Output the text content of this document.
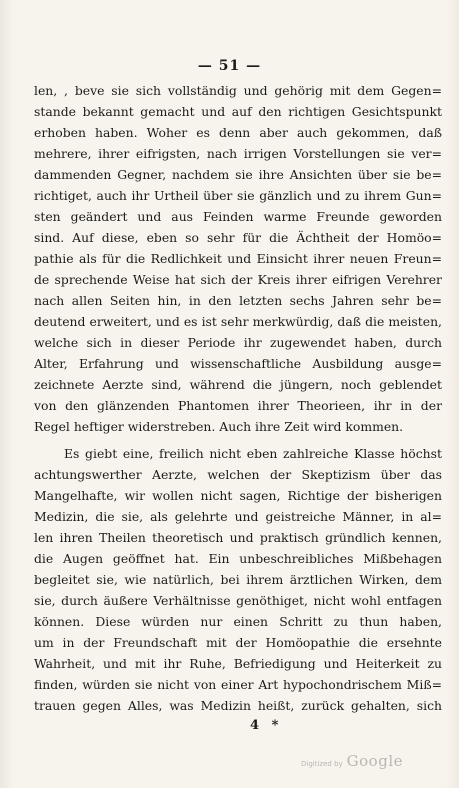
— 51 —
len, , beve sie sich vollständig und gehörig mit dem Gegen=
stande bekannt gemacht und auf den richtigen Gesichtspunkt
erhoben haben. Woher es denn aber auch gekommen, daß
mehrere, ihrer eifrigsten, nach irrigen Vorstellungen sie ver=
dammenden Gegner, nachdem sie ihre Ansichten über sie be=
richtiget, auch ihr Urtheil über sie gänzlich und zu ihrem Gun=
sten geändert und aus Feinden warme Freunde geworden
sind. Auf diese, eben so sehr für die Ächtheit der Homöo=
pathie als für die Redlichkeit und Einsicht ihrer neuen Freun=
de sprechende Weise hat sich der Kreis ihrer eifrigen Verehrer
nach allen Seiten hin, in den letzten sechs Jahren sehr be=
deutend erweitert, und es ist sehr merkwürdig, daß die meisten,
welche sich in dieser Periode ihr zugewendet haben, durch
Alter, Erfahrung und wissenschaftliche Ausbildung ausge=
zeichnete Aerzte sind, während die jüngern, noch geblendet
von den glänzenden Phantomen ihrer Theorieen, ihr in der
Regel heftiger widerstreben. Auch ihre Zeit wird kommen.
Es giebt eine, freilich nicht eben zahlreiche Klasse höchst
achtungswerther Aerzte, welchen der Skeptizism über das
Mangelhafte, wir wollen nicht sagen, Richtige der bisherigen
Medizin, die sie, als gelehrte und geistreiche Männer, in al=
len ihren Theilen theoretisch und praktisch gründlich kennen,
die Augen geöffnet hat. Ein unbeschreibliches Mißbehagen
begleitet sie, wie natürlich, bei ihrem ärztlichen Wirken, dem
sie, durch äußere Verhältnisse genöthiget, nicht wohl entfagen
können. Diese würden nur einen Schritt zu thun haben,
um in der Freundschaft mit der Homöopathie die ersehnte
Wahrheit, und mit ihr Ruhe, Befriedigung und Heiterkeit zu
finden, würden sie nicht von einer Art hypochondrischem Miß=
trauen gegen Alles, was Medizin heißt, zurück gehalten, sich
4 *
Digitized by Google
